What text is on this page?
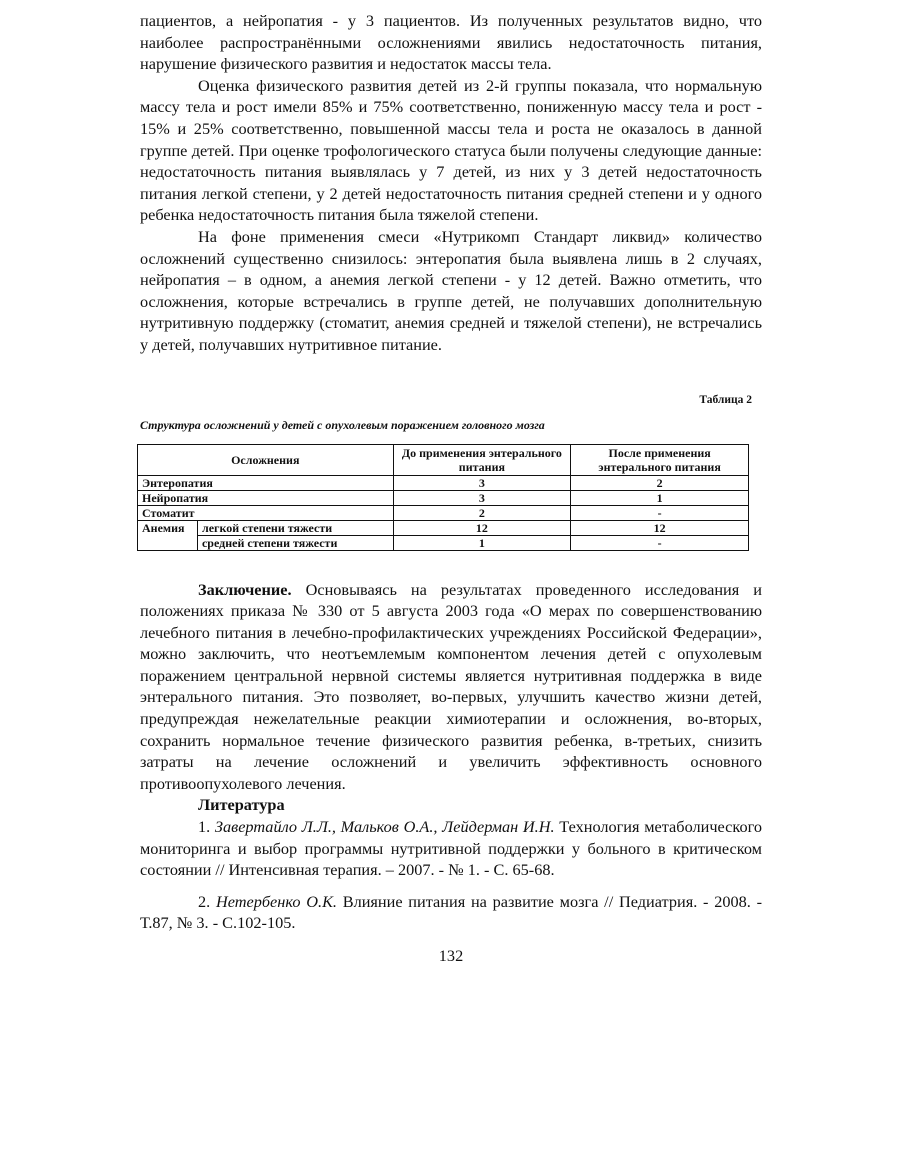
пациентов, а нейропатия - у 3 пациентов. Из полученных результатов видно, что наиболее распространёнными осложнениями явились недостаточность питания, нарушение физического развития и недостаток массы тела.

Оценка физического развития детей из 2-й группы показала, что нормальную массу тела и рост имели 85% и 75% соответственно, пониженную массу тела и рост - 15% и 25% соответственно, повышенной массы тела и роста не оказалось в данной группе детей. При оценке трофологического статуса были получены следующие данные: недостаточность питания выявлялась у 7 детей, из них у 3 детей недостаточность питания легкой степени, у 2 детей недостаточность питания средней степени и у одного ребенка недостаточность питания была тяжелой степени.

На фоне применения смеси «Нутрикомп Стандарт ликвид» количество осложнений существенно снизилось: энтеропатия была выявлена лишь в 2 случаях, нейропатия – в одном, а анемия легкой степени - у 12 детей. Важно отметить, что осложнения, которые встречались в группе детей, не получавших дополнительную нутритивную поддержку (стоматит, анемия средней и тяжелой степени), не встречались у детей, получавших нутритивное питание.

Таблица 2
Структура осложнений у детей с опухолевым поражением головного мозга
Осложнения		До применения энтерального питания	После применения энтерального питания
Энтеропатия		3	2
Нейропатия		3	1
Стоматит		2	-
Анемия	легкой степени тяжести	12	12
	средней степени тяжести	1	-

Заключение. Основываясь на результатах проведенного исследования и положениях приказа № 330 от 5 августа 2003 года «О мерах по совершенствованию лечебного питания в лечебно-профилактических учреждениях Российской Федерации», можно заключить, что неотъемлемым компонентом лечения детей с опухолевым поражением центральной нервной системы является нутритивная поддержка в виде энтерального питания. Это позволяет, во-первых, улучшить качество жизни детей, предупреждая нежелательные реакции химиотерапии и осложнения, во-вторых, сохранить нормальное течение физического развития ребенка, в-третьих, снизить затраты на лечение осложнений и увеличить эффективность основного противоопухолевого лечения.

Литература

1. Завертайло Л.Л., Мальков О.А., Лейдерман И.Н. Технология метаболического мониторинга и выбор программы нутритивной поддержки у больного в критическом состоянии // Интенсивная терапия. – 2007. - № 1. - С. 65-68.

2. Нетербенко О.К. Влияние питания на развитие мозга // Педиатрия. - 2008. - Т.87, № 3. - С.102-105.

132
